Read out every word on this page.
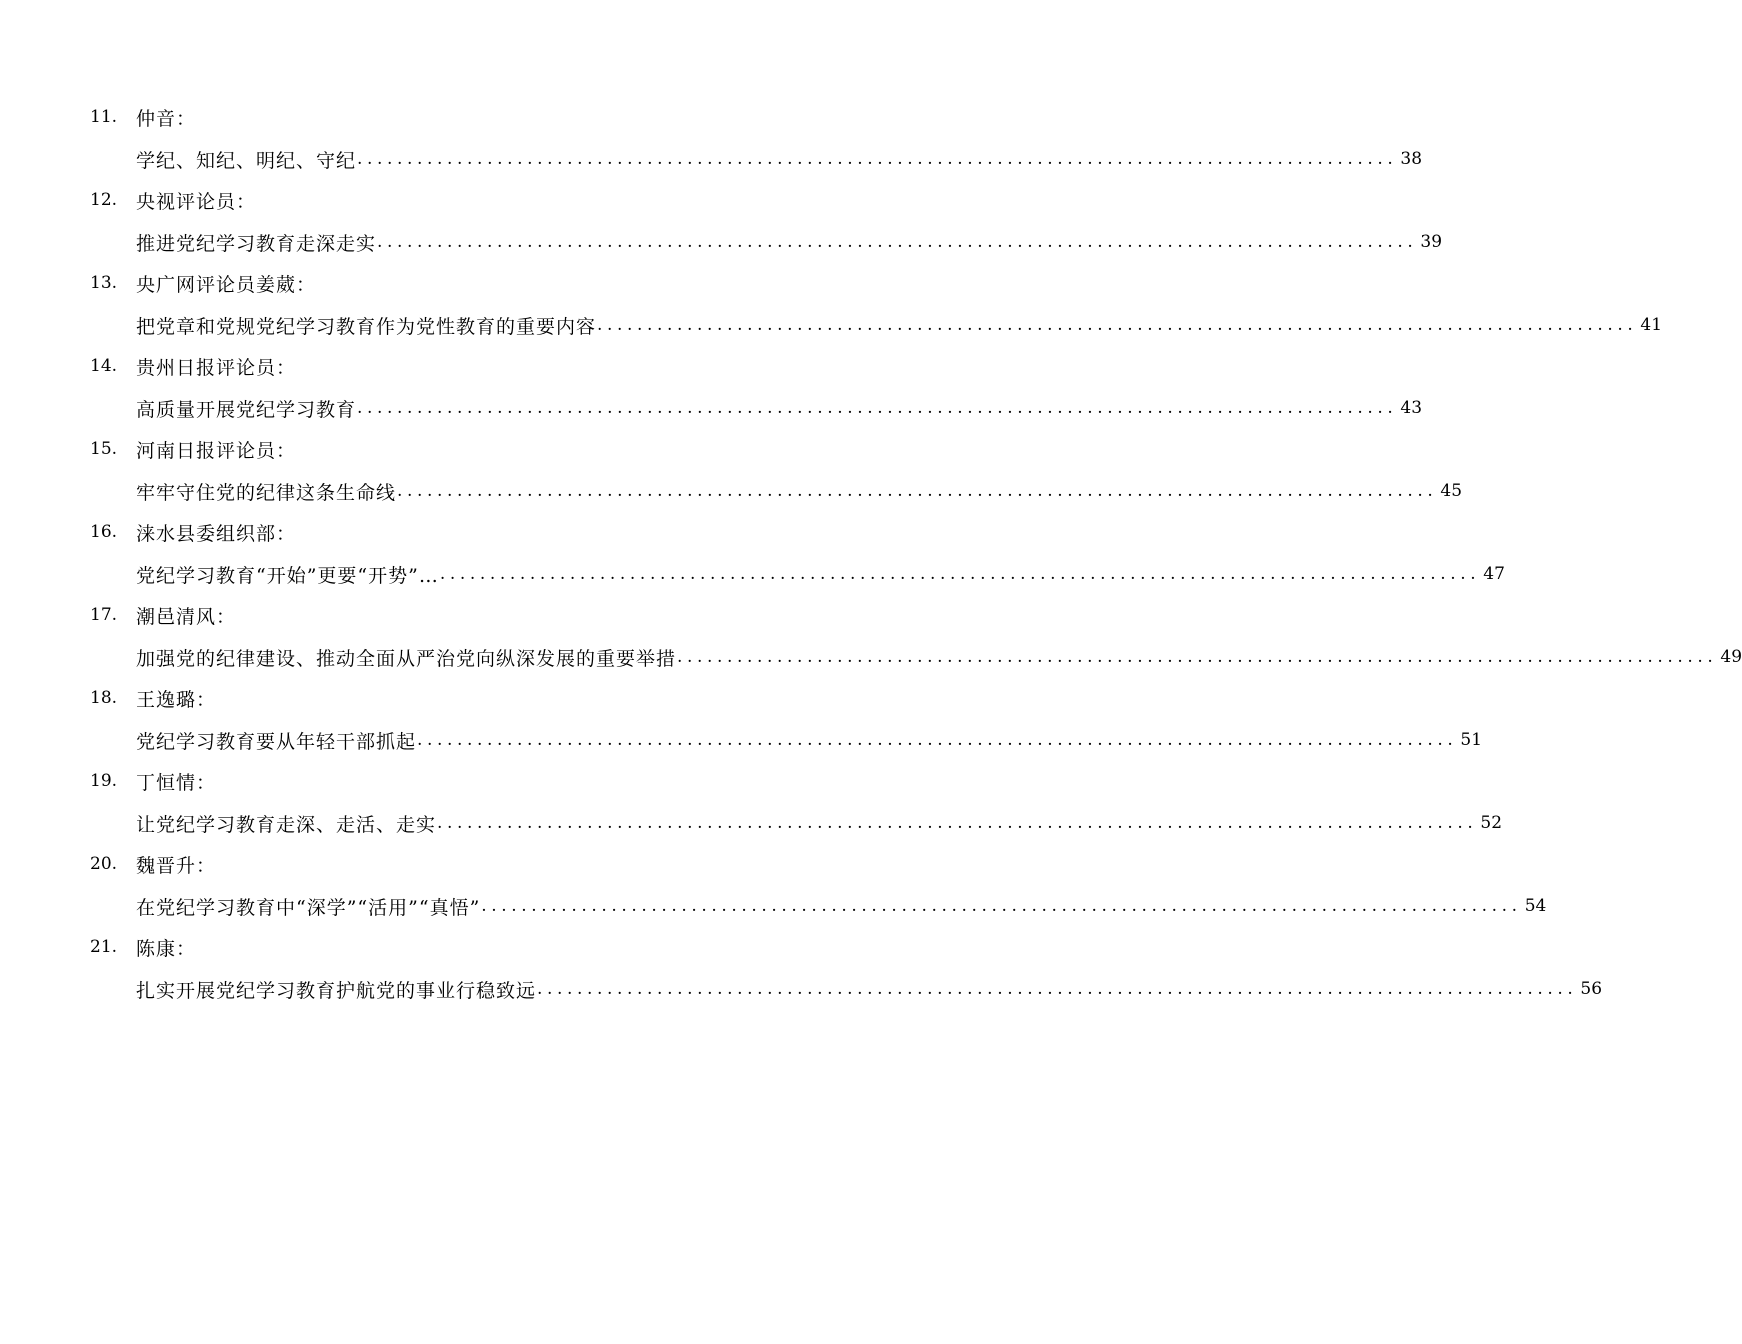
11. 仲音：
学纪、知纪、明纪、守纪 ........................................................................................................ 38
12. 央视评论员：
推进党纪学习教育走深走实 ........................................................................................................ 39
13. 央广网评论员姜葳：
把党章和党规党纪学习教育作为党性教育的重要内容 ........................................................................................................ 41
14. 贵州日报评论员：
高质量开展党纪学习教育 ........................................................................................................ 43
15. 河南日报评论员：
牢牢守住党的纪律这条生命线 ........................................................................................................ 45
16. 涞水县委组织部：
党纪学习教育“开始”更要“开势”… ........................................................................................................ 47
17. 潮邑清风：
加强党的纪律建设、推动全面从严治党向纵深发展的重要举措 ........................................................................................................ 49
18. 王逸璐：
党纪学习教育要从年轻干部抓起 ........................................................................................................ 51
19. 丁恒情：
让党纪学习教育走深、走活、走实 ........................................................................................................ 52
20. 魏晋升：
在党纪学习教育中“深学”“活用”“真悟” ........................................................................................................ 54
21. 陈康：
扎实开展党纪学习教育护航党的事业行稳致远 ........................................................................................................ 56
